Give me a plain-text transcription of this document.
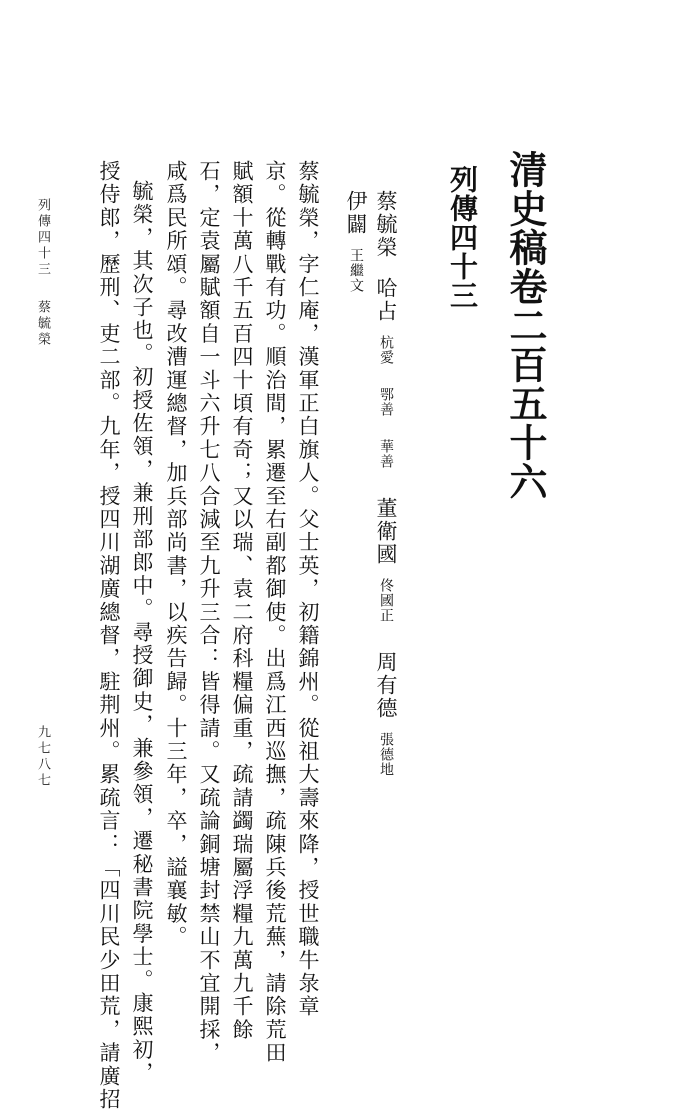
清史稿卷二百五十六
列傳四十三
蔡毓榮哈占杭愛鄂善華善董衛國佟國正周有德張德地
伊闢王繼文

蔡毓榮，字仁庵，漢軍正白旗人。父士英，初籍錦州。從祖大壽來降，授世職牛彔章

京。從轉戰有功。順治間，累遷至右副都御使。出爲江西巡撫，疏陳兵後荒蕪，請除荒田

賦額十萬八千五百四十頃有奇；又以瑞、袁二府科糧偏重，疏請蠲瑞屬浮糧九萬九千餘

石，定袁屬賦額自一斗六升七八合減至九升三合：皆得請。又疏論銅塘封禁山不宜開採，

咸爲民所頌。尋改漕運總督，加兵部尚書，以疾告歸。十三年，卒，謚襄敏。

毓榮，其次子也。初授佐領，兼刑部郎中。尋授御史，兼參領，遷秘書院學士。康熙初，

授侍郎，歷刑、吏二部。九年，授四川湖廣總督，駐荆州。累疏言：「四川民少田荒，請廣招

列傳四十三蔡毓榮
九七八七
